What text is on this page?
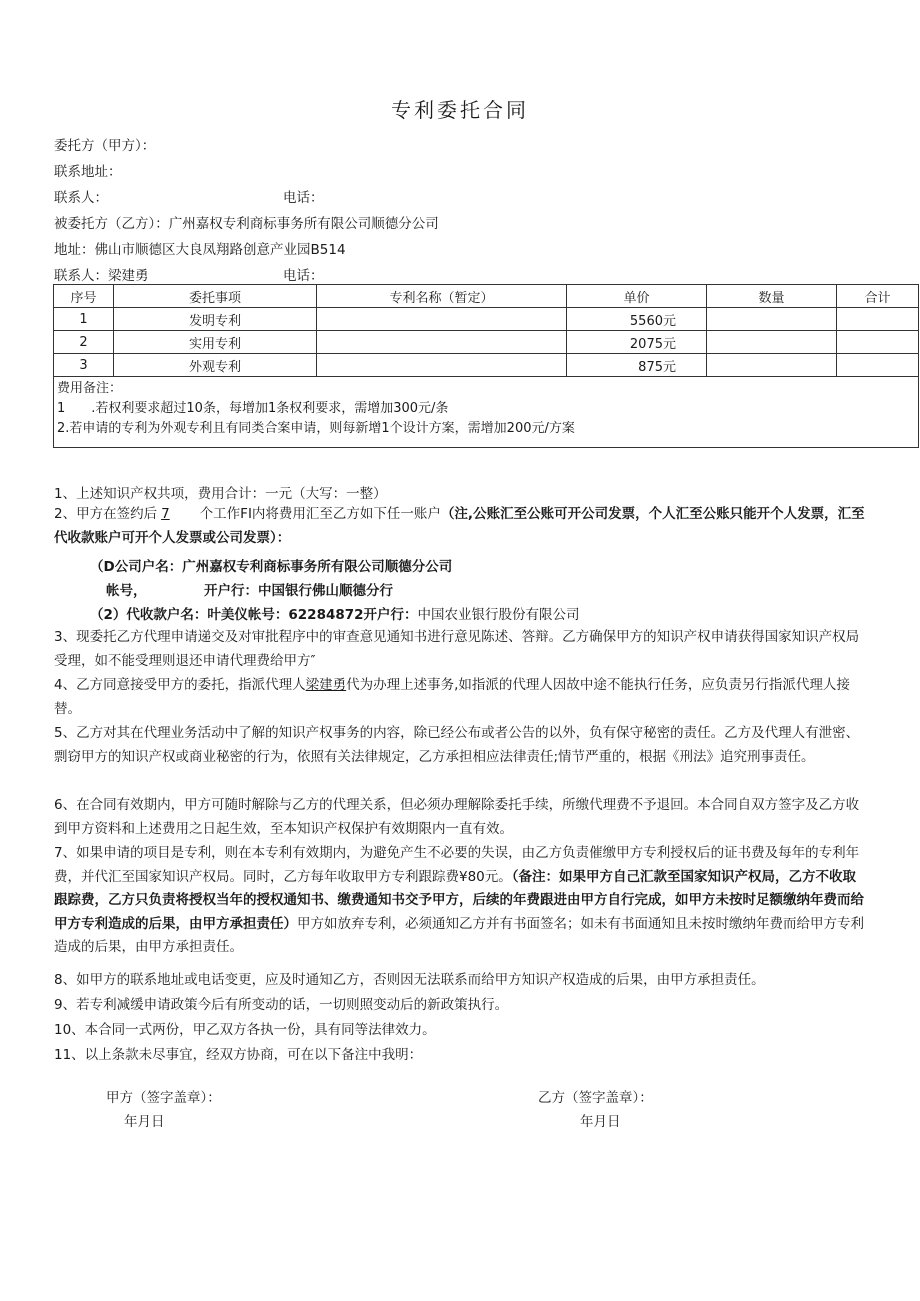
专利委托合同
委托方（甲方）：
联系地址：
联系人：	电话：
被委托方（乙方）：广州嘉权专利商标事务所有限公司顺德分公司
地址：佛山市顺德区大良凤翔路创意产业园B514
联系人：梁建勇	电话：
序号	委托事项	专利名称（暂定）	单价	数量	合计
1	发明专利		5560元		
2	实用专利		2075元		
3	外观专利		875元		

费用备注：
1　　.若权利要求超过10条，每增加1条权利要求，需增加300元/条
2.若申请的专利为外观专利且有同类合案申请，则每新增1个设计方案，需增加200元/方案					
1、上述知识产权共项，费用合计：一元（大写：一整）
2、甲方在签约后 7 个工作FI内将费用汇至乙方如下任一账户（注,公账汇至公账可开公司发票，个人汇至公账只能开个人发票，汇至代收款账户可开个人发票或公司发票）：
（D公司户名：广州嘉权专利商标事务所有限公司顺德分公司
帐号，	开户行：中国银行佛山顺德分行
（2）代收款户名：叶美仪帐号：62284872开户行：中国农业银行股份有限公司
3、现委托乙方代理申请递交及对审批程序中的审查意见通知书进行意见陈述、答辩。乙方确保甲方的知识产权申请获得国家知识产权局受理，如不能受理则退还申请代理费给甲方″
4、乙方同意接受甲方的委托，指派代理人梁建勇代为办理上述事务,如指派的代理人因故中途不能执行任务，应负责另行指派代理人接替。
5、乙方对其在代理业务活动中了解的知识产权事务的内容，除已经公布或者公告的以外，负有保守秘密的责任。乙方及代理人有泄密、剽窃甲方的知识产权或商业秘密的行为，依照有关法律规定，乙方承担相应法律责任;情节严重的，根据《刑法》追究刑事责任。
6、在合同有效期内，甲方可随时解除与乙方的代理关系，但必须办理解除委托手续，所缴代理费不予退回。本合同自双方签字及乙方收到甲方资料和上述费用之日起生效，至本知识产权保护有效期限内一直有效。
7、如果申请的项目是专利，则在本专利有效期内，为避免产生不必要的失误，由乙方负责催缴甲方专利授权后的证书费及每年的专利年费，并代汇至国家知识产权局。同时，乙方每年收取甲方专利跟踪费¥80元。（备注：如果甲方自己汇款至国家知识产权局，乙方不收取跟踪费，乙方只负责将授权当年的授权通知书、缴费通知书交予甲方，后续的年费跟进由甲方自行完成，如甲方未按时足额缴纳年费而给甲方专利造成的后果，由甲方承担责任）甲方如放弃专利，必须通知乙方并有书面签名；如未有书面通知且未按时缴纳年费而给甲方专利造成的后果，由甲方承担责任。
8、如甲方的联系地址或电话变更，应及时通知乙方，否则因无法联系而给甲方知识产权造成的后果，由甲方承担责任。
9、若专利减缓申请政策今后有所变动的话，一切则照变动后的新政策执行。
10、本合同一式两份，甲乙双方各执一份，具有同等法律效力。
11、以上条款未尽事宜，经双方协商，可在以下备注中我明：
甲方（签字盖章）：
年月日
乙方（签字盖章）：
年月日
